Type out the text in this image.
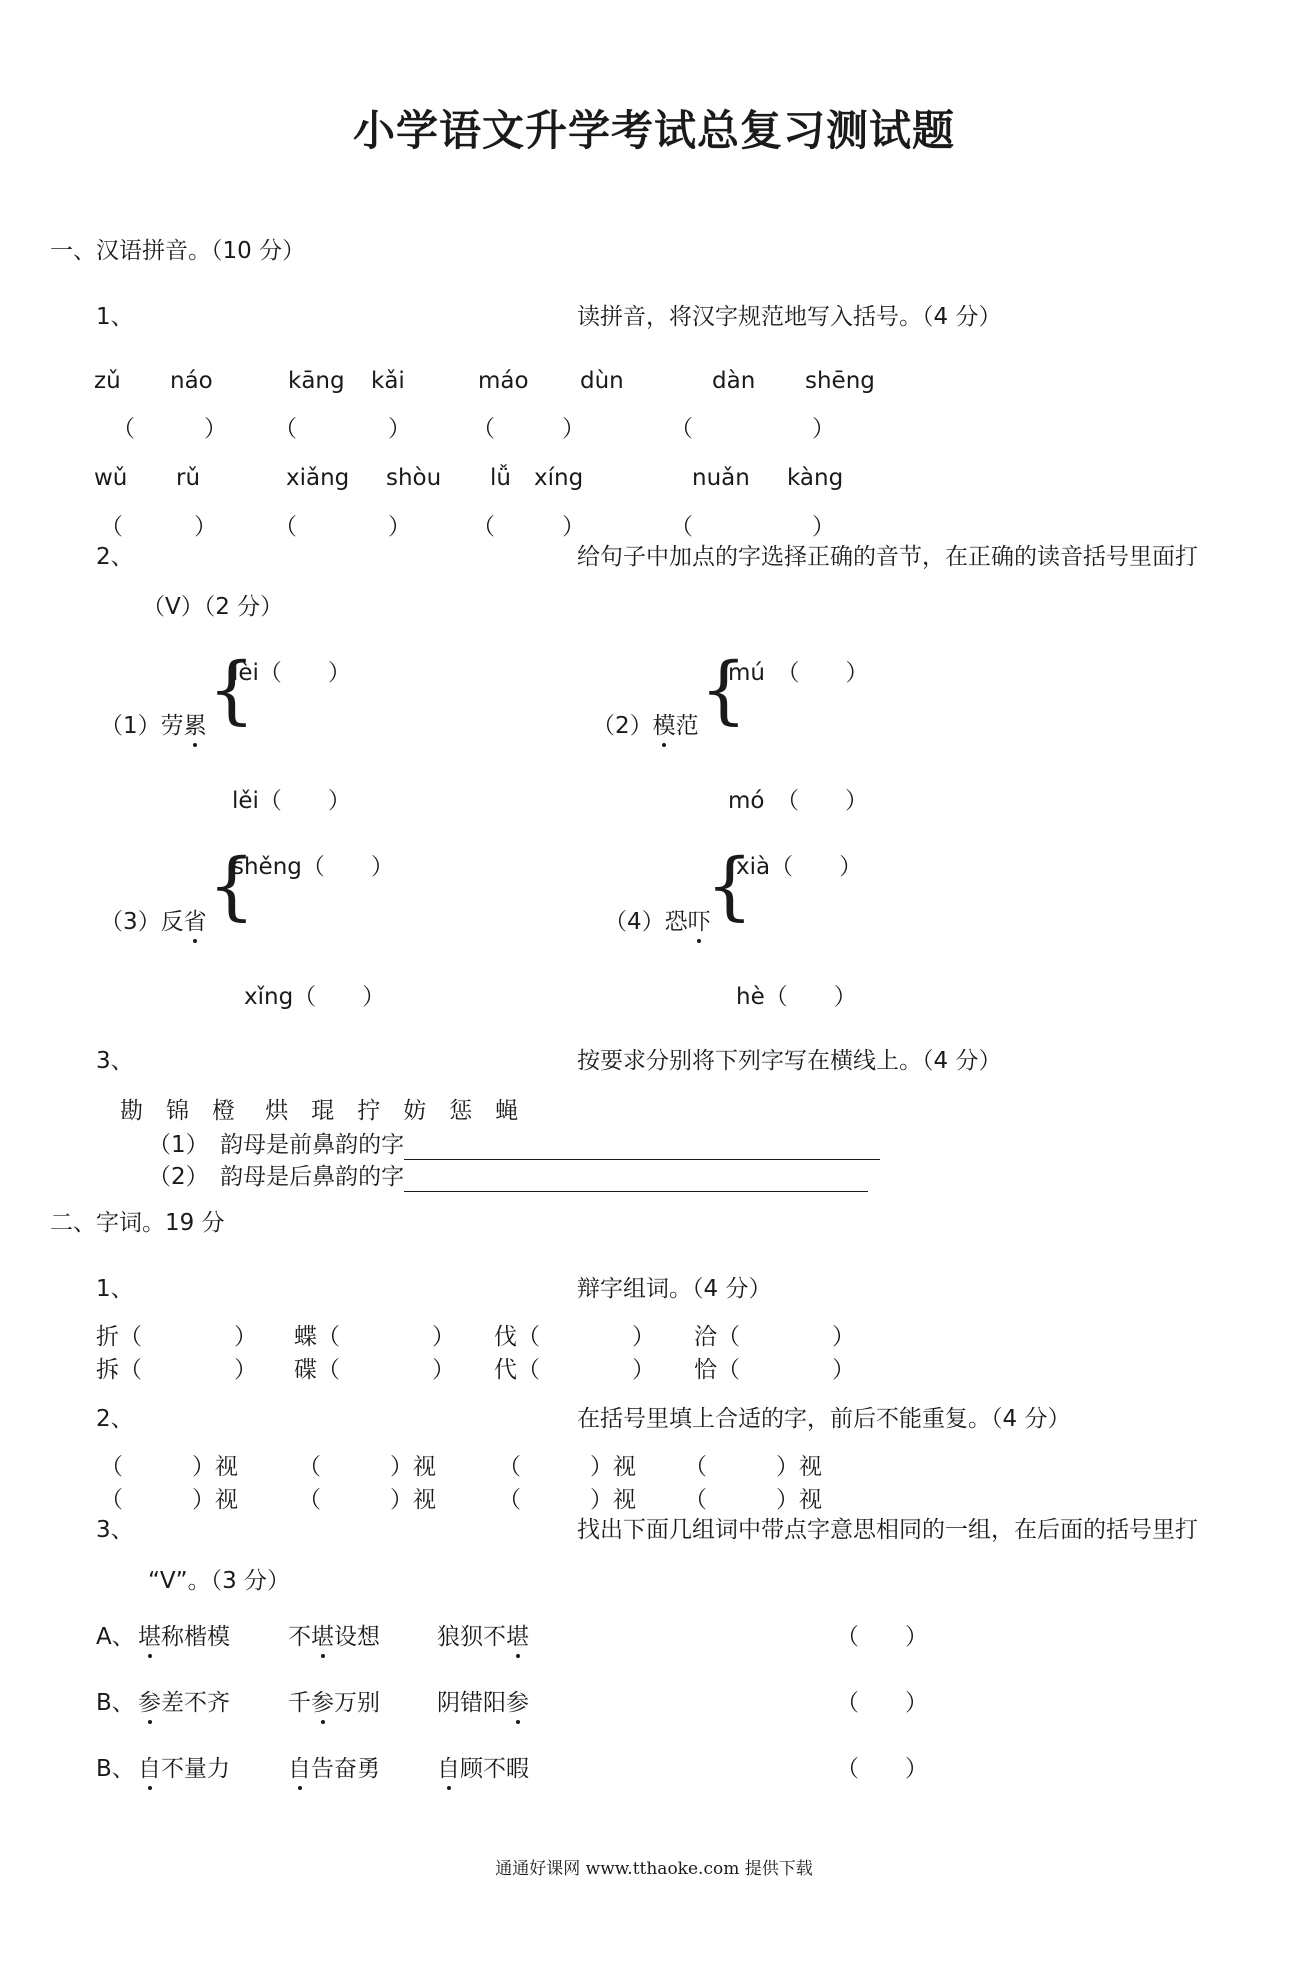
小学语文升学考试总复习测试题
一、汉语拼音。（10 分）
1、	读拼音，将汉字规范地写入括号。（4 分）
zǔ náo	kāng kǎi	máo dùn	dàn shēng
（	） （	）	（	）	（	）
wǔ rǔ	xiǎng shòu lǚ xíng	nuǎn kàng
（	） （	）	（	）	（	）
2、	给句子中加点的字选择正确的音节，在正确的读音括号里面打
（V）（2 分）
{
lèi（　　）
（1）劳累
lěi（　　）
{
mú　（　　）
（2）模范
mó　（　　）
{
shěng（　　）
（3）反省
xǐng（　　）
{
xià（　　）
（4）恐吓
hè（　　）
3、	按要求分别将下列字写在横线上。（4 分）
勘　锦　橙　 烘　琨　拧　妨　惩　蝇
（1）　韵母是前鼻韵的字
（2）　韵母是后鼻韵的字
二、字词。19 分
1、	辩字组词。（4 分）
折（　　　　） 蝶（　　　　） 伐（　　　　） 洽（　　　　）
拆（　　　　） 碟（　　　　） 代（　　　　） 恰（　　　　）
2、	在括号里填上合适的字，前后不能重复。（4 分）
（　　　）视	（　　　）视	（　　　）视 （　　　）视
（　　　）视	（　　　）视	（　　　）视 （　　　）视
3、	找出下面几组词中带点字意思相同的一组，在后面的括号里打
“V”。（3 分）
A、 堪称楷模	不堪设想 狼狈不堪	（　　）
B、 参差不齐	千参万别 阴错阳参	（　　）
B、 自不量力	自告奋勇 自顾不暇	（　　）
通通好课网 www.tthaoke.com 提供下载
